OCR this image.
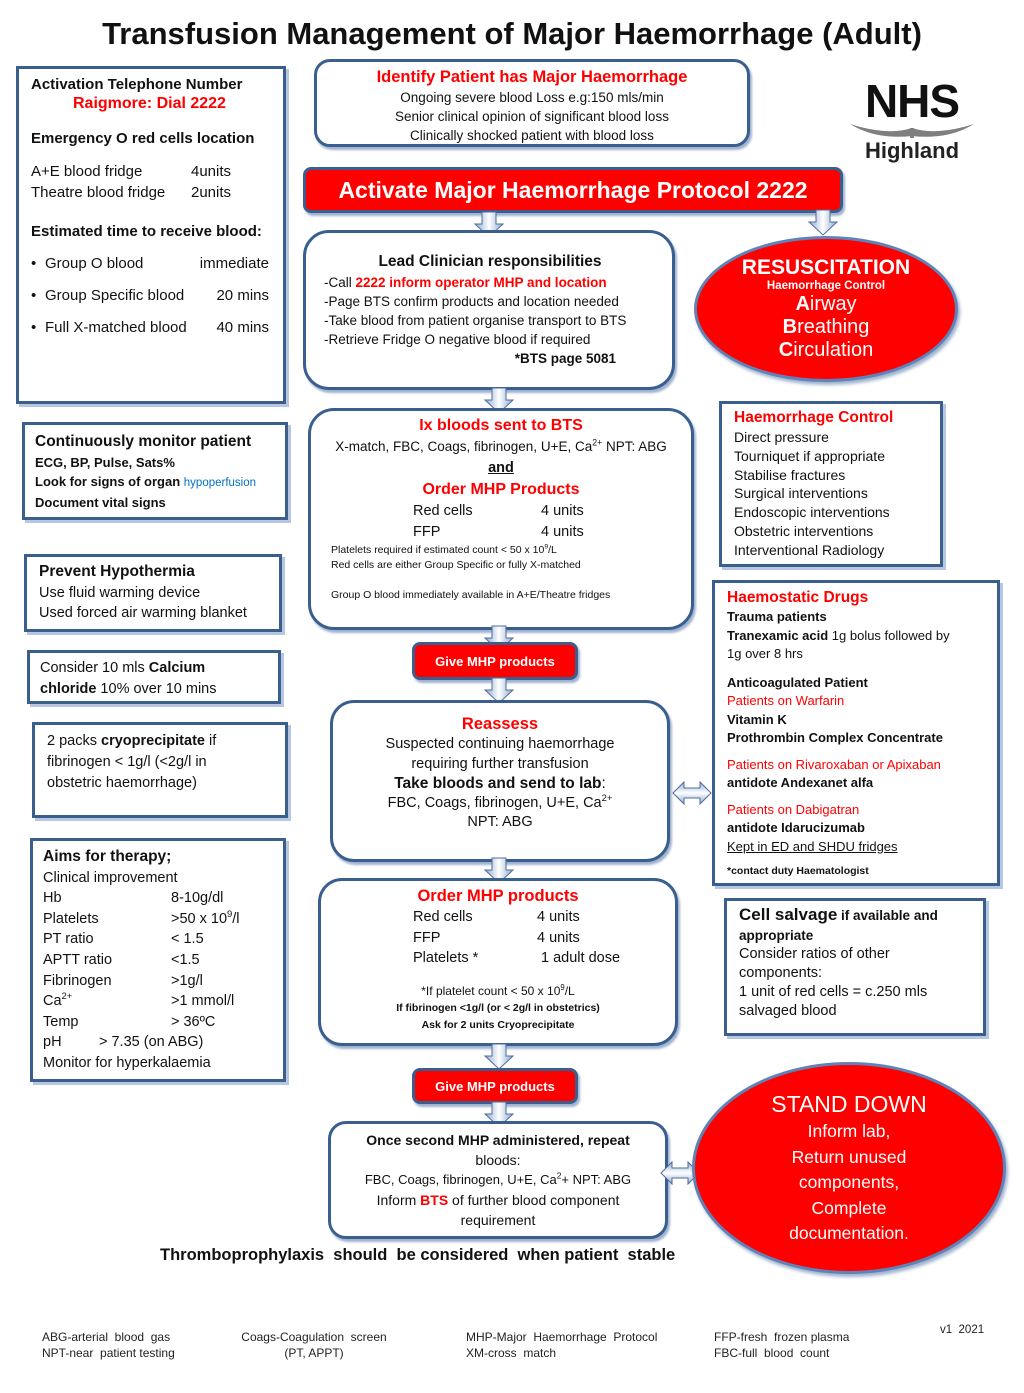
Transfusion Management of Major Haemorrhage (Adult)
NHS
Highland
Activation Telephone Number
Raigmore: Dial 2222
Emergency O red cells location
A+E blood fridge	4units
Theatre blood fridge	2units
Estimated time to receive blood:
• Group O blood	immediate
• Group Specific blood	20 mins
• Full X-matched blood	40 mins
Identify Patient has Major Haemorrhage
Ongoing severe blood Loss e.g:150 mls/min
Senior clinical opinion of significant blood loss
Clinically shocked patient with blood loss
Activate Major Haemorrhage Protocol 2222
Lead Clinician responsibilities
-Call 2222 inform operator MHP and location
-Page BTS confirm products and location needed
-Take blood from patient organise transport to BTS
-Retrieve Fridge O negative blood if required
*BTS page 5081
RESUSCITATION
Haemorrhage Control
Airway
Breathing
Circulation
Haemorrhage Control
Direct pressure
Tourniquet if appropriate
Stabilise fractures
Surgical interventions
Endoscopic interventions
Obstetric interventions
Interventional Radiology
Continuously monitor patient
ECG, BP, Pulse, Sats%
Look for signs of organ hypoperfusion
Document vital signs
Ix bloods sent to BTS
X-match, FBC, Coags, fibrinogen, U+E, $Ca^{2+}$ NPT: ABG
and
Order MHP Products
Red cells	4 units
FFP	4 units
Platelets required if estimated count < 50 x $10^9/L$
Red cells are either Group Specific or fully X-matched
Group O blood immediately available in A+E/Theatre fridges
Prevent Hypothermia
Use fluid warming device
Used forced air warming blanket
Give MHP products
Consider 10 mls Calcium
chloride 10% over 10 mins
2 packs cryoprecipitate if
fibrinogen < 1g/l (<2g/l in
obstetric haemorrhage)
Haemostatic Drugs
Trauma patients
Tranexamic acid 1g bolus followed by
1g over 8 hrs
Anticoagulated Patient
Patients on Warfarin
Vitamin K
Prothrombin Complex Concentrate
Patients on Rivaroxaban or Apixaban
antidote Andexanet alfa
Patients on Dabigatran
antidote Idarucizumab
Kept in ED and SHDU fridges
*contact duty Haematologist
Reassess
Suspected continuing haemorrhage
requiring further transfusion
Take bloods and send to lab:
FBC, Coags, fibrinogen, U+E, $Ca^{2+}$
NPT: ABG
Aims for therapy;
Clinical improvement
Hb	8-10g/dl
Platelets	>50 x $10^9/l$
PT ratio	< 1.5
APTT ratio	<1.5
Fibrinogen	>1g/l
$Ca^{2+}$	>1 mmol/l
Temp	> 36ºC
pH	> 7.35 (on ABG)
Monitor for hyperkalaemia
Order MHP products
Red cells	4 units
FFP	4 units
Platelets *	1 adult dose
*If platelet count < 50 x $10^9/L$
If fibrinogen <1g/l (or < 2g/l in obstetrics)
Ask for 2 units Cryoprecipitate
Cell salvage if available and
appropriate
Consider ratios of other
components:
1 unit of red cells = c.250 mls
salvaged blood
Give MHP products
Once second MHP administered, repeat
bloods:
FBC, Coags, fibrinogen, U+E, $Ca^2+$ NPT: ABG
Inform BTS of further blood component
requirement
STAND DOWN
Inform lab,
Return unused
components,
Complete
documentation.
Thromboprophylaxis  should  be considered  when patient  stable

ABG-arterial  blood  gas
NPT-near  patient testing

Coags-Coagulation  screen
(PT, APPT)

MHP-Major  Haemorrhage  Protocol
XM-cross  match

FFP-fresh  frozen plasma
FBC-full  blood  count

v1  2021
